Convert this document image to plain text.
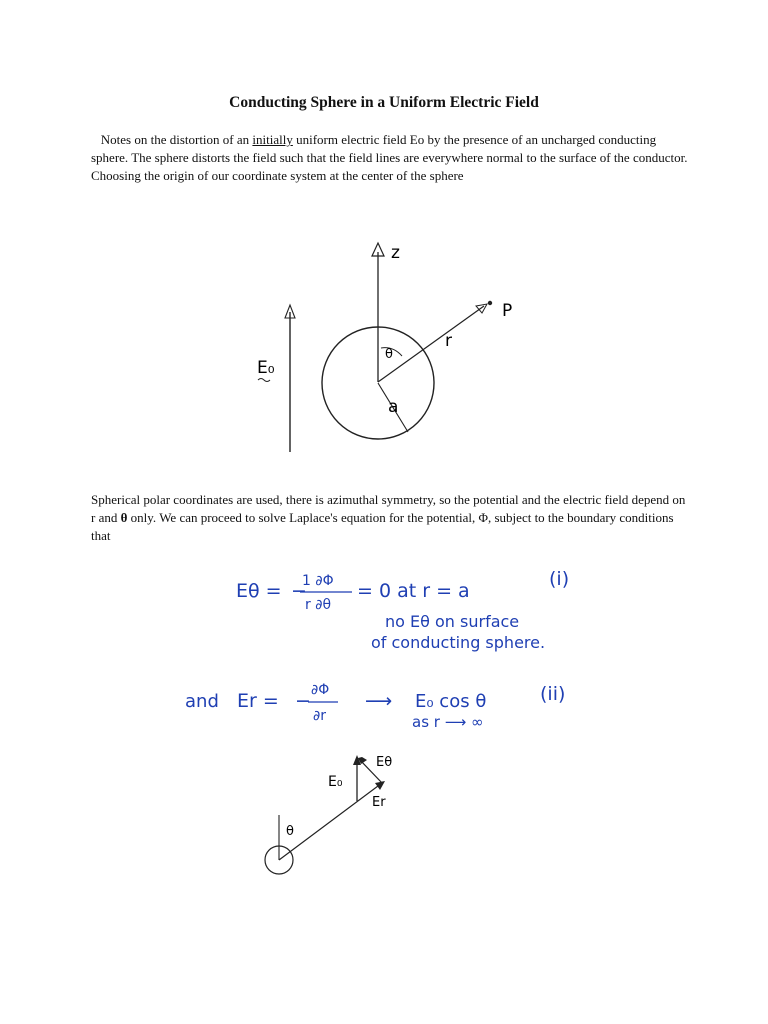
Conducting Sphere in a Uniform Electric Field
Notes on the distortion of an initially uniform electric field Eo by the presence of an uncharged conducting sphere. The sphere distorts the field such that the field lines are everywhere normal to the surface of the conductor. Choosing the origin of our coordinate system at the center of the sphere
z
P
r
θ
a
E₀
Spherical polar coordinates are used, there is azimuthal symmetry, so the potential and the electric field depend on r and θ only. We can proceed to solve Laplace's equation for the potential, Φ, subject to the boundary conditions that
Eθ = −
1 ∂Φ
r ∂θ
= 0 at r = a
(i)
no Eθ on surface
of conducting sphere.
and Er = − ∂Φ
∂r
⟶ E₀ cos θ	(ii)
as r ⟶ ∞
θ
E₀
Eθ
Er
